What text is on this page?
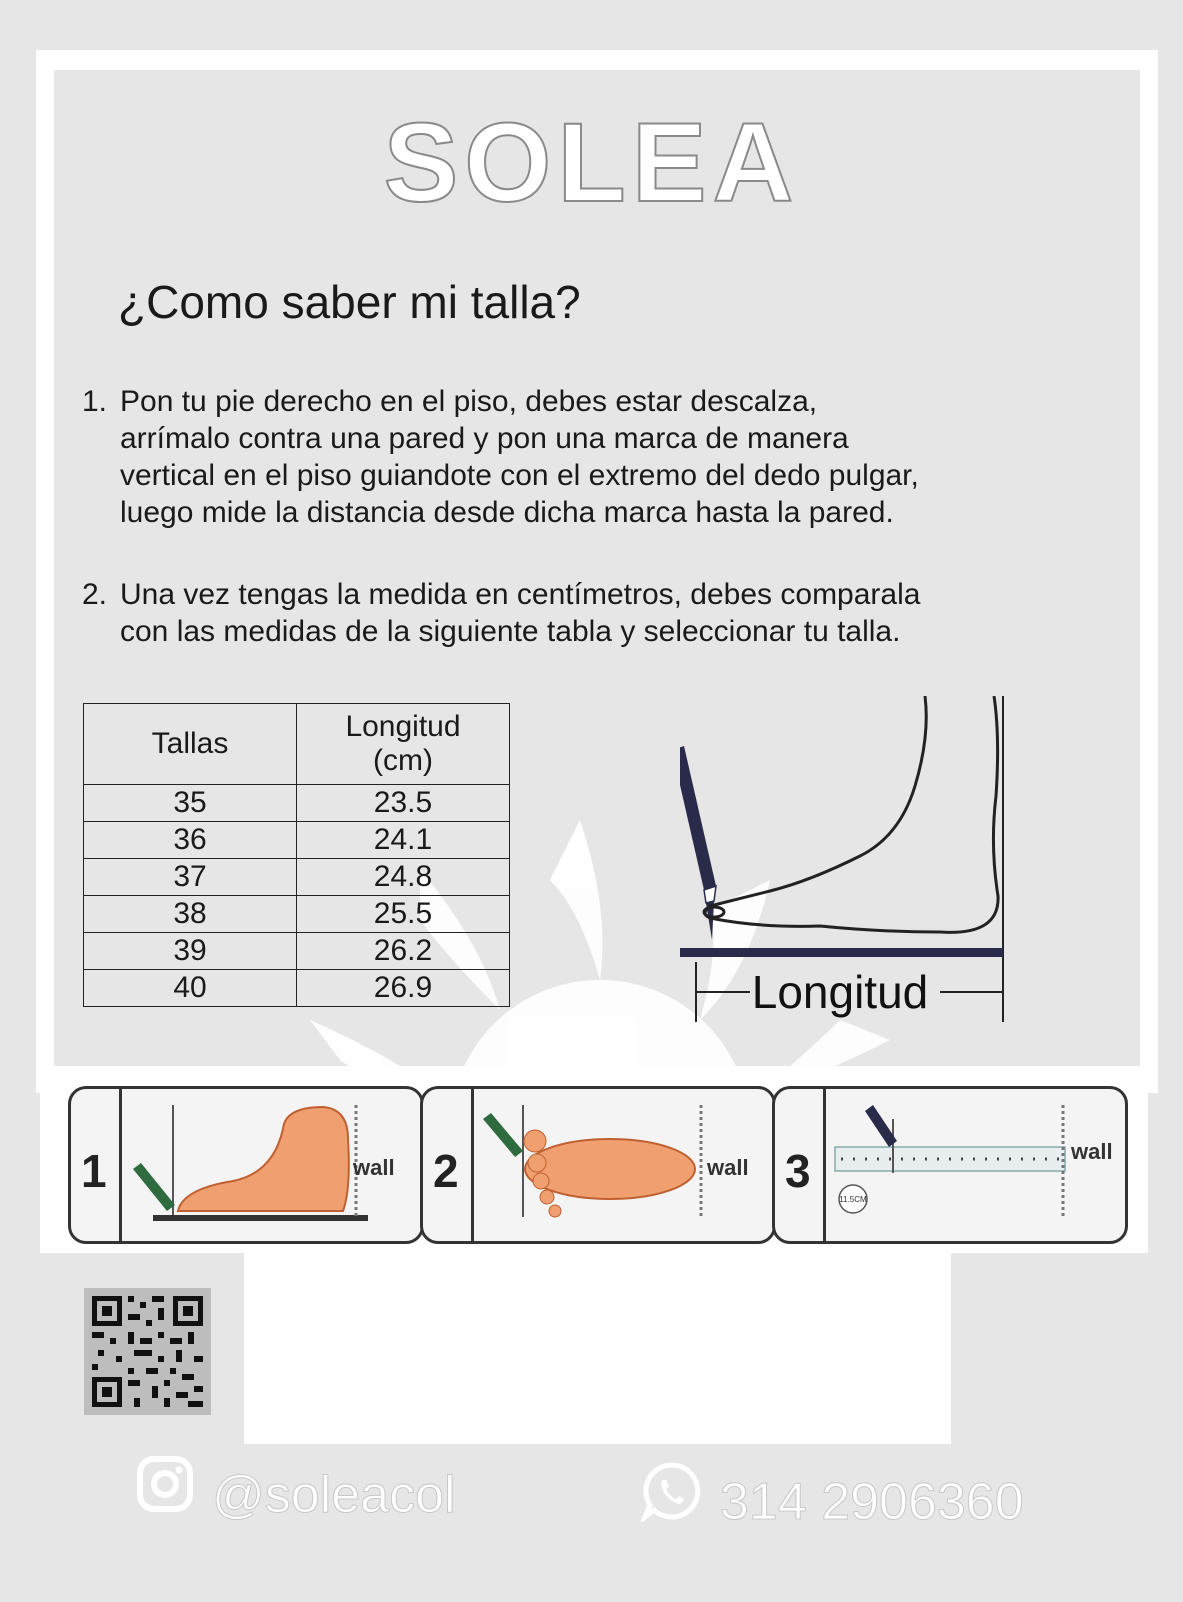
SOLEA
¿Como saber mi talla?
1. Pon tu pie derecho en el piso, debes estar descalza,
arrímalo contra una pared y pon una marca de manera
vertical en el piso guiandote con el extremo del dedo pulgar,
luego mide la distancia desde dicha marca hasta la pared.
2. Una vez tengas la medida en centímetros, debes comparala
con las medidas de la siguiente tabla y seleccionar tu talla.
Tallas	Longitud
(cm)

35	23.5
36	24.1
37	24.8
38	25.5
39	26.2
40	26.9	Longitud
1	wall 2	wall 3
11.5CM
wall
@soleacol	314 2906360
